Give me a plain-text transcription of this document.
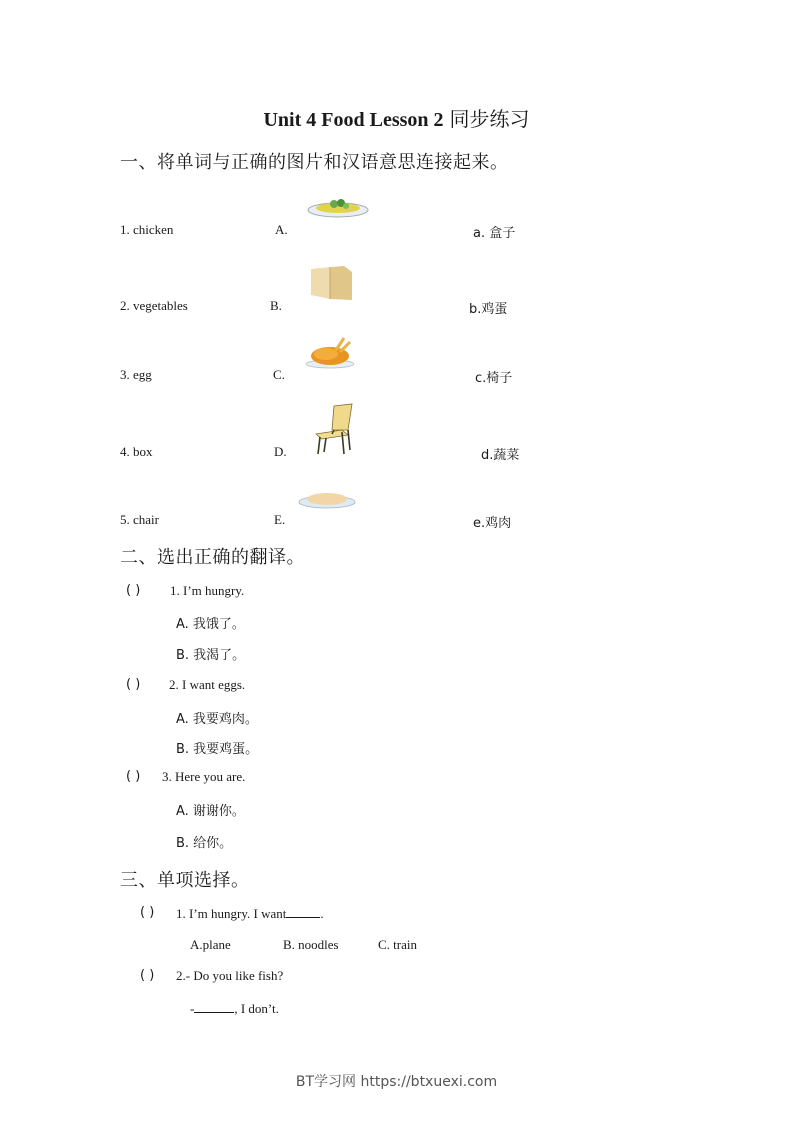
Unit 4 Food Lesson 2 同步练习
一、将单词与正确的图片和汉语意思连接起来。
1. chicken	A.	a. 盒子
2. vegetables	B.	b.鸡蛋
3. egg	C.	c.椅子
4. box	D.	d.蔬菜
5. chair	E.	e.鸡肉
二、选出正确的翻译。
( ) 1. I’m hungry.
A. 我饿了。
B. 我渴了。
( ) 2. I want eggs.
A. 我要鸡肉。
B. 我要鸡蛋。
( ) 3. Here you are.
A. 谢谢你。
B. 给你。
三、单项选择。
( ) 1. I’m hungry. I want	.
A.plane	B. noodles	C. train
( ) 2.- Do you like fish?
-	, I don’t.
BT学习网 https://btxuexi.com
